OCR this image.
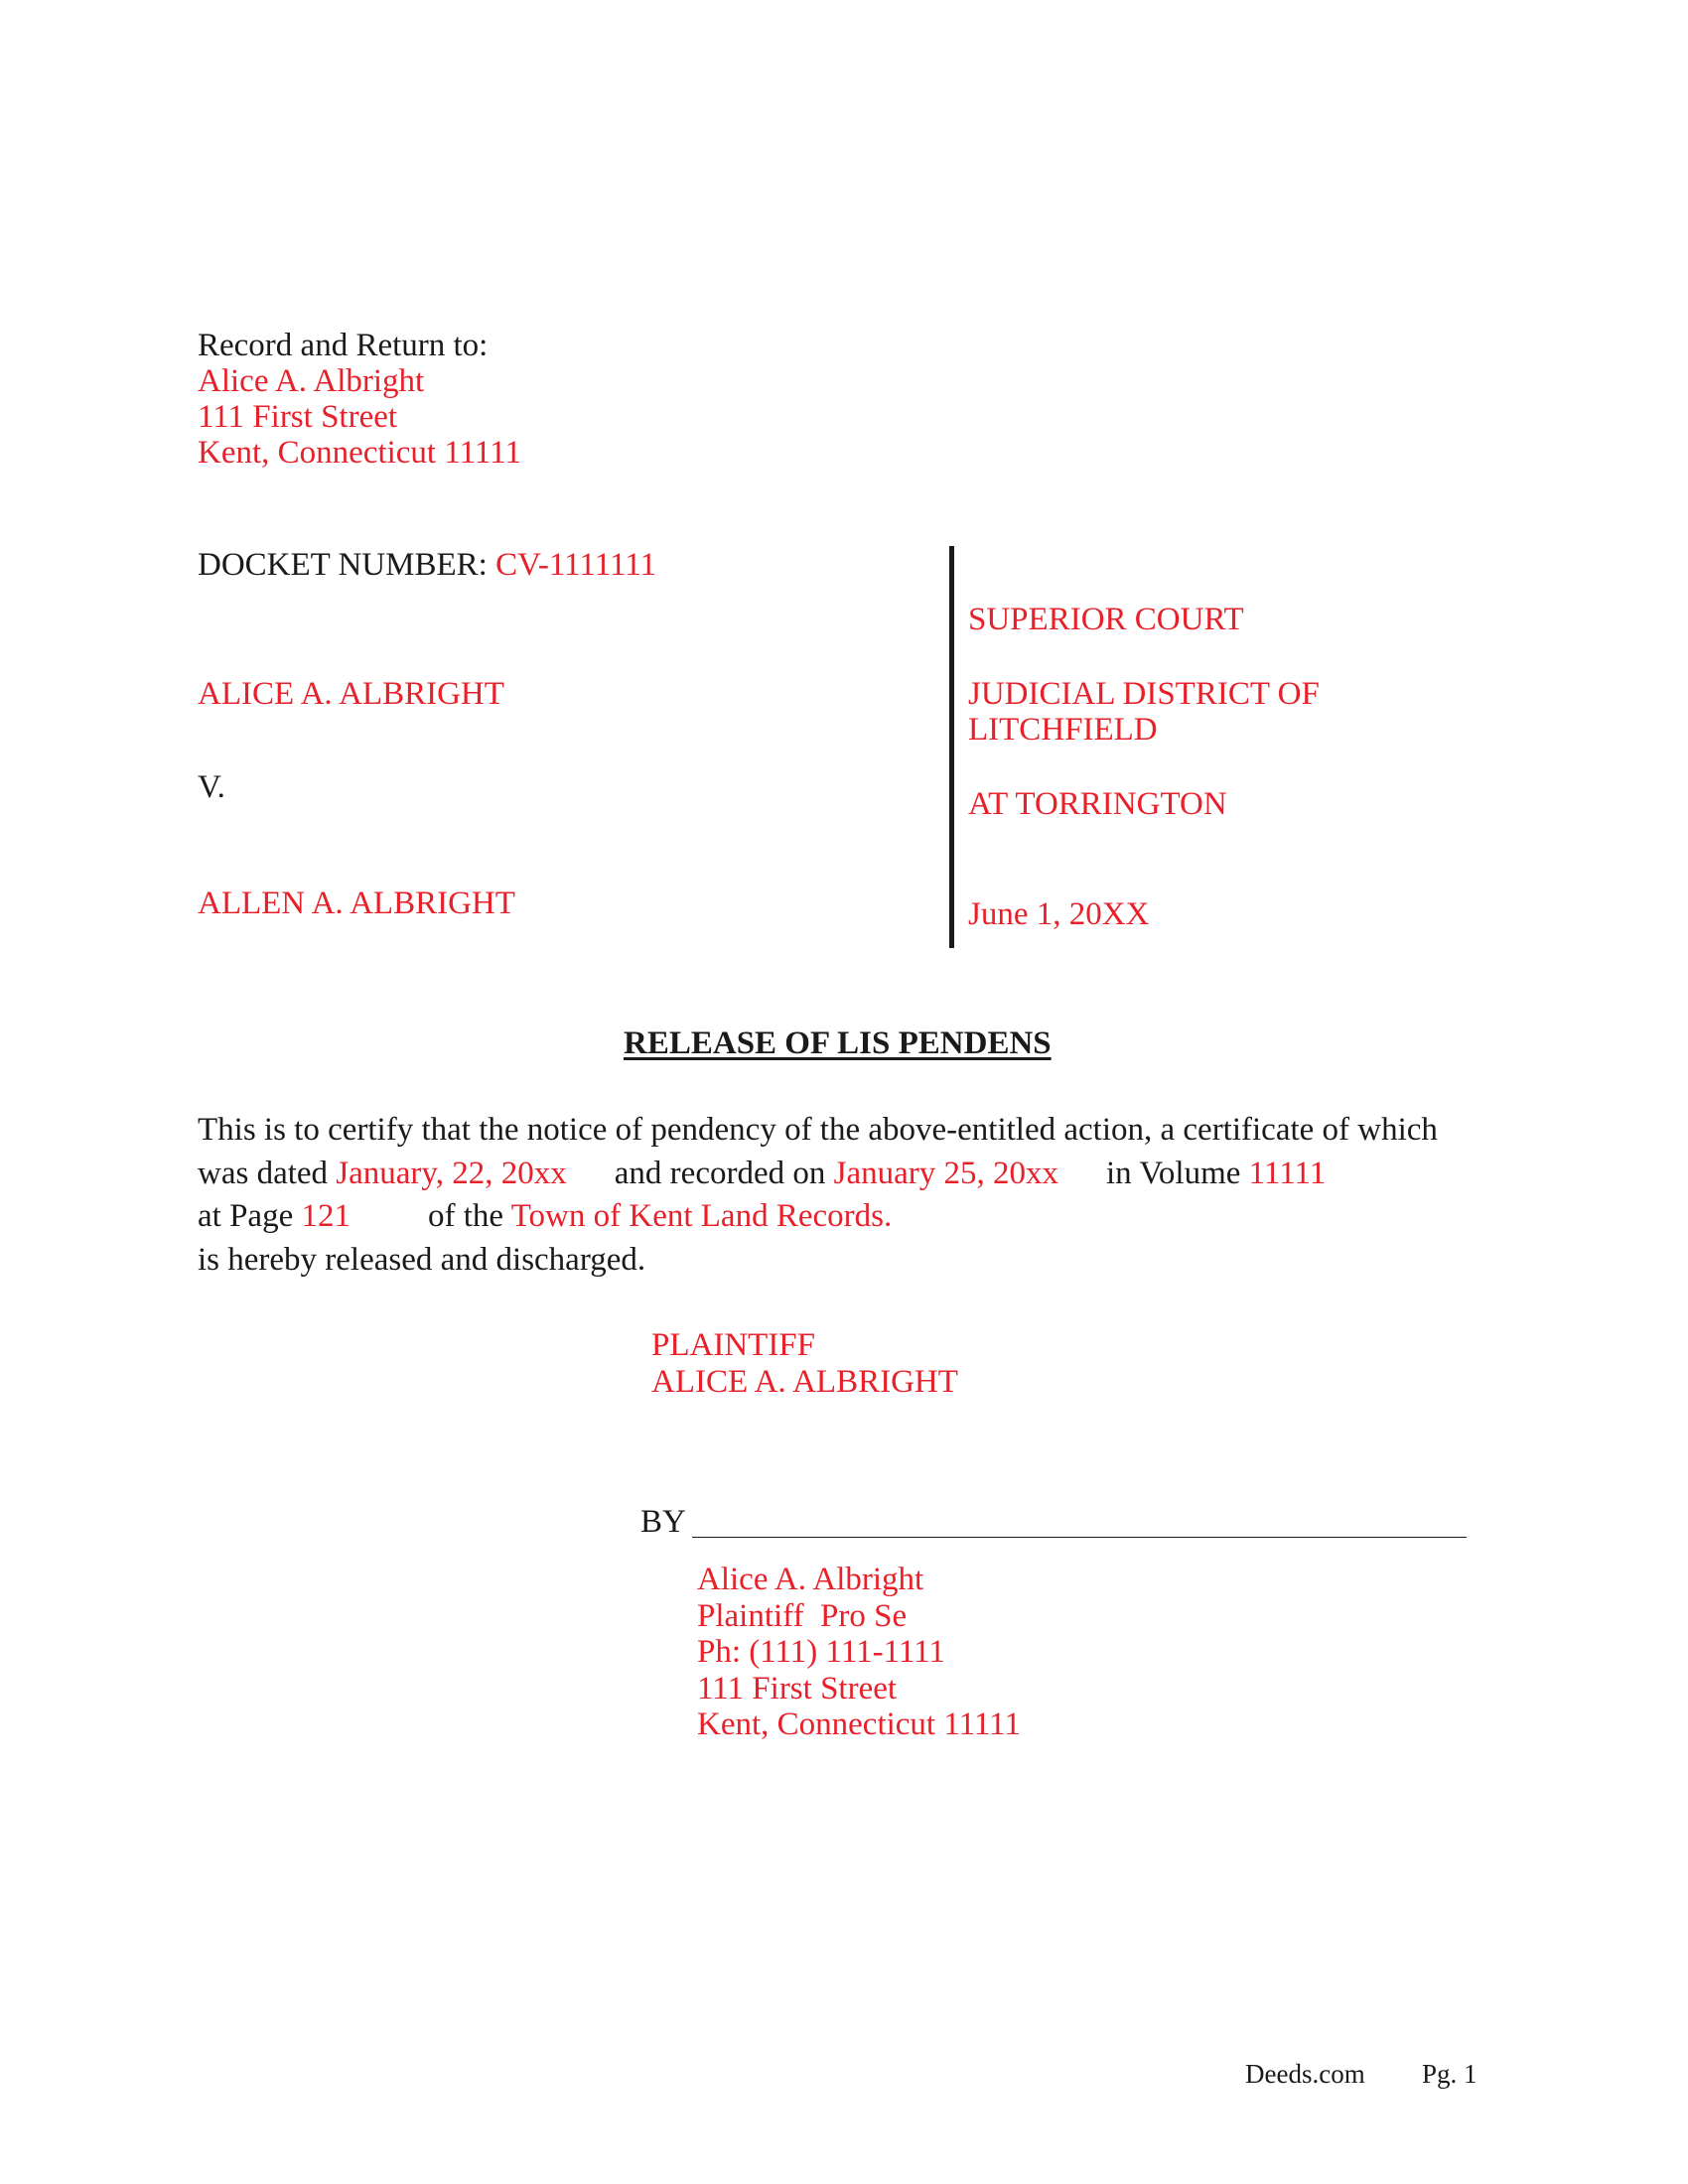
Record and Return to:
Alice A. Albright
111 First Street
Kent, Connecticut 11111
DOCKET NUMBER: CV-1111111
ALICE A. ALBRIGHT
V.
ALLEN A. ALBRIGHT
SUPERIOR COURT
JUDICIAL DISTRICT OF
LITCHFIELD
AT TORRINGTON
June 1, 20XX
RELEASE OF LIS PENDENS
This is to certify that the notice of pendency of the above-entitled action, a certificate of which
was dated January, 22, 20xx and recorded on January 25, 20xx in Volume 11111
at Page 121 of the Town of Kent Land Records.
is hereby released and discharged.
PLAINTIFF
ALICE A. ALBRIGHT
BY
Alice A. Albright
Plaintiff  Pro Se
Ph: (111) 111-1111
111 First Street
Kent, Connecticut 11111
Deeds.com Pg. 1
